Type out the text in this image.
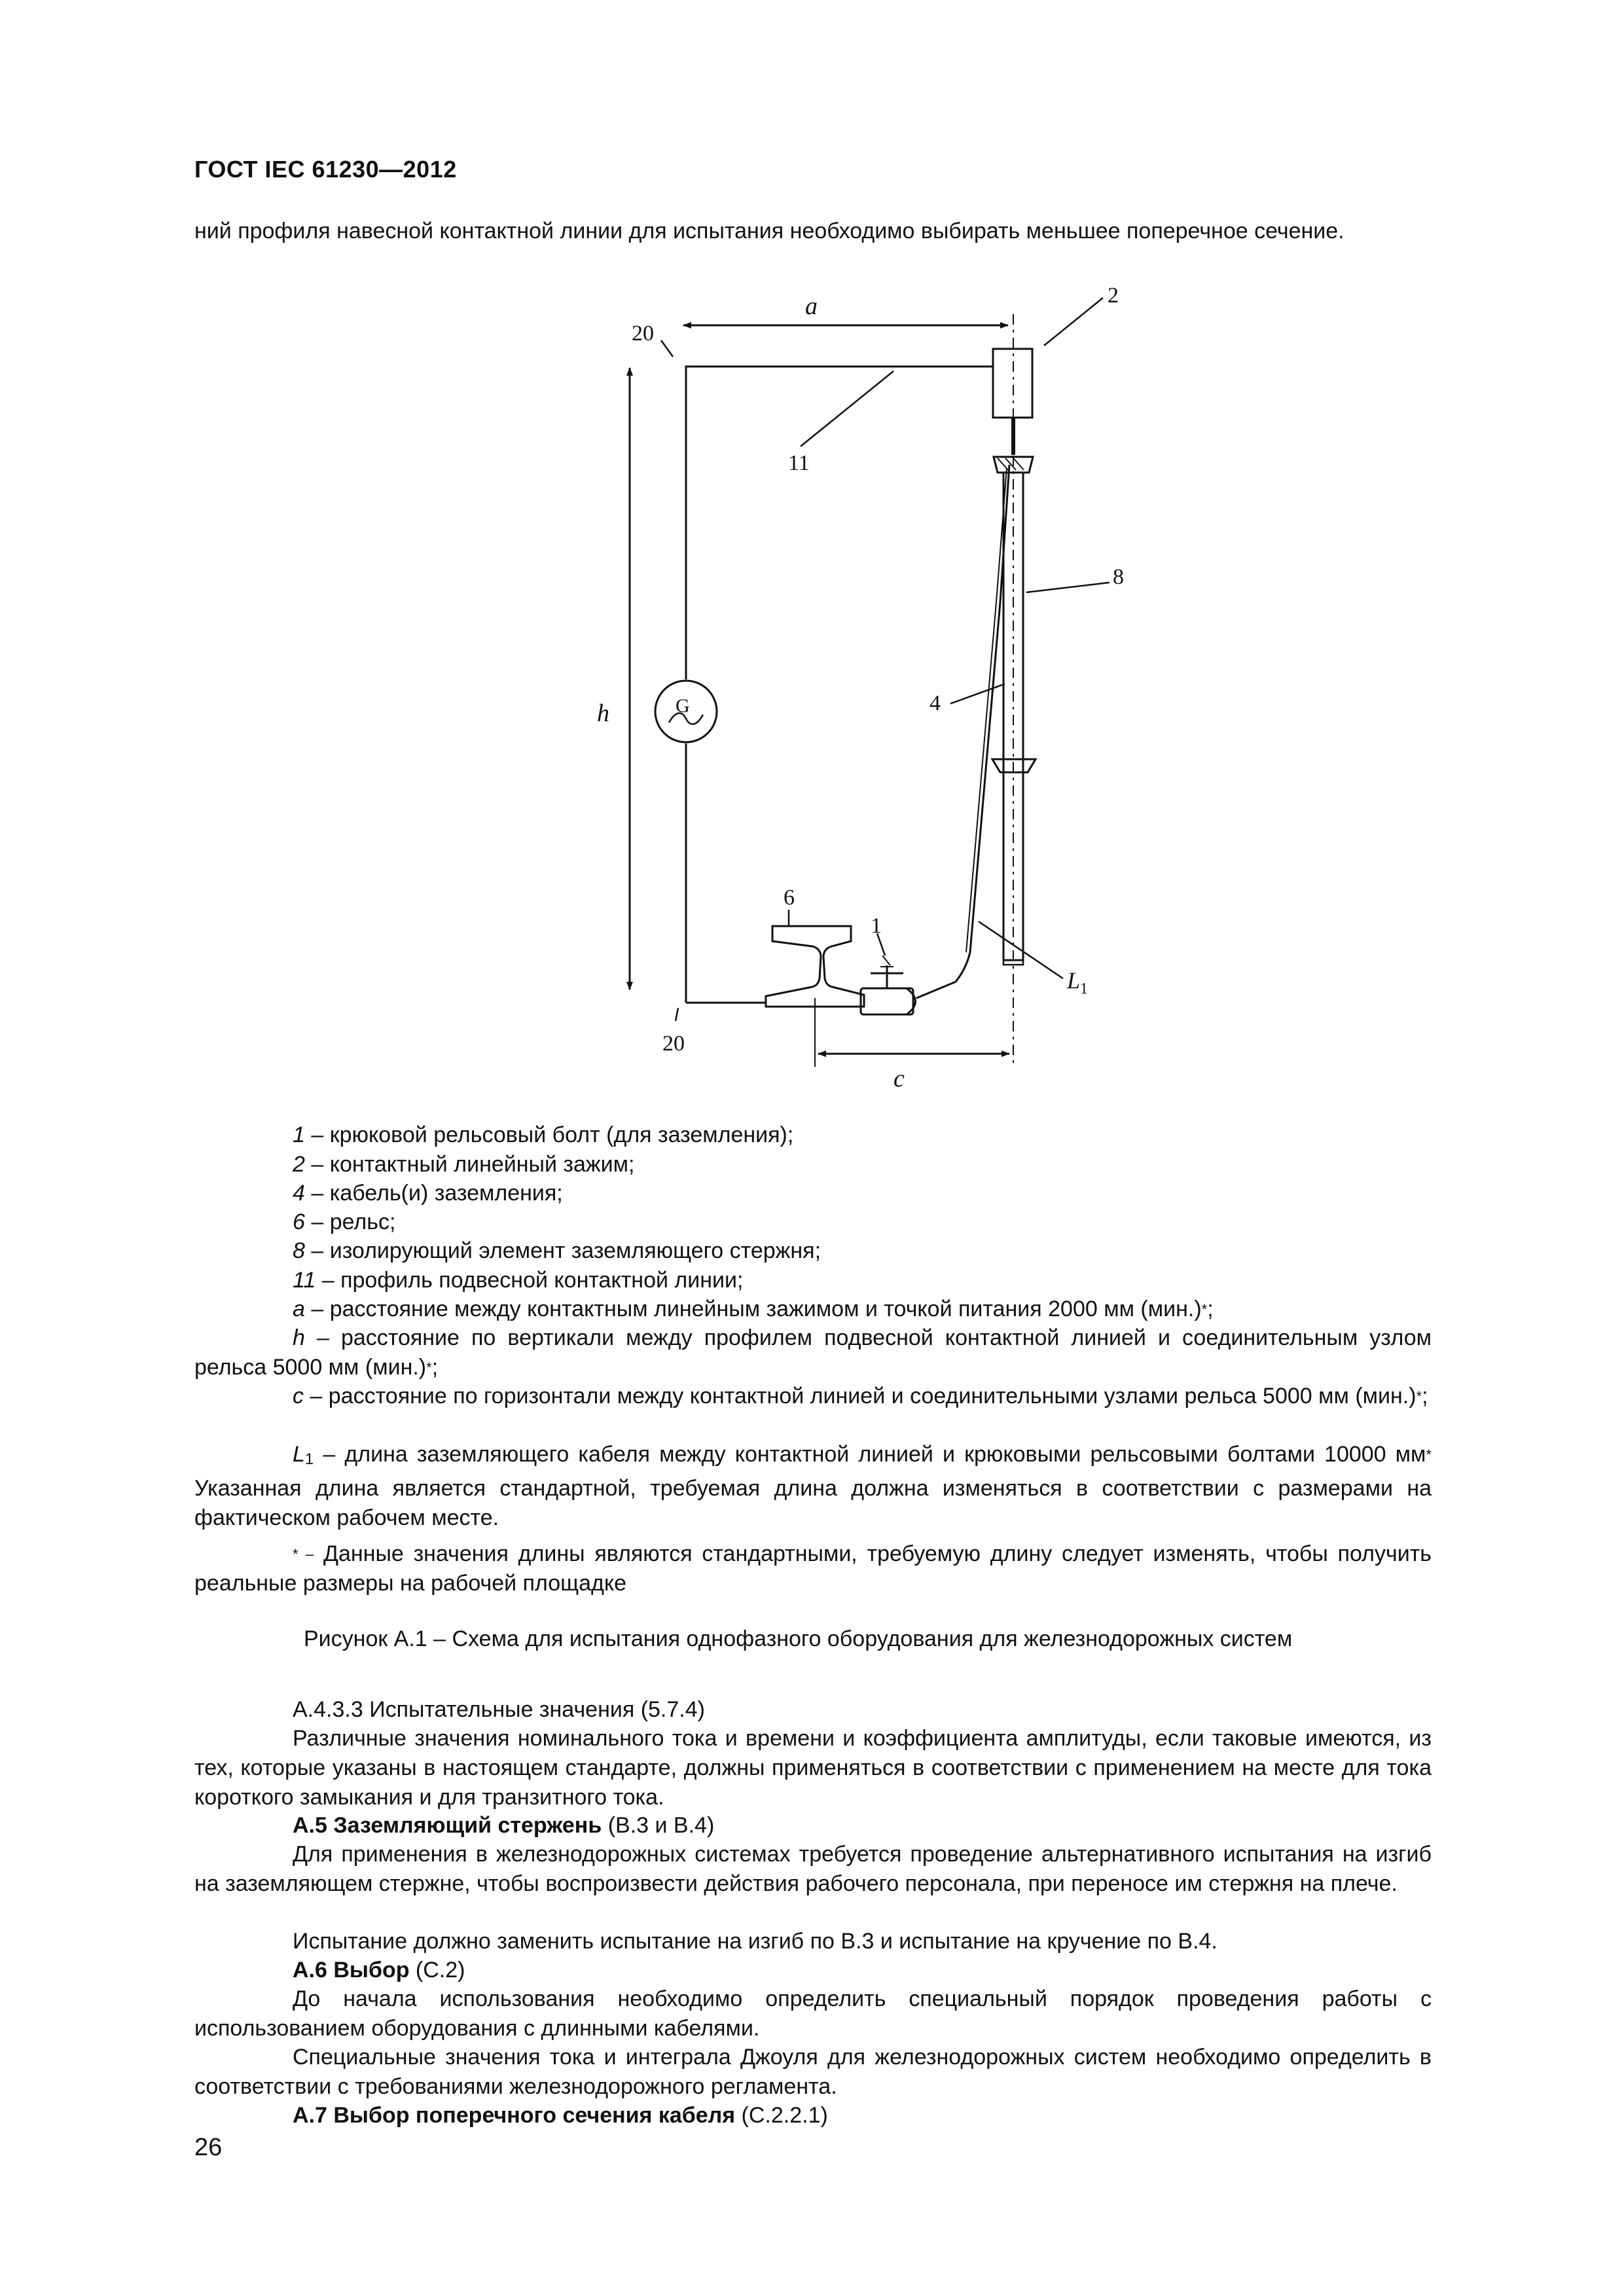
ГОСТ IEC 61230—2012
ний профиля навесной контактной линии для испытания необходимо выбирать меньшее поперечное сечение.
a
20
2
11
8
h	G	4
6
1
$L_1$
20
c
1 – крюковой рельсовый болт (для заземления);
2 – контактный линейный зажим;
4 – кабель(и) заземления;
6 – рельс;
8 – изолирующий элемент заземляющего стержня;
11 – профиль подвесной контактной линии;
a – расстояние между контактным линейным зажимом и точкой питания 2000 мм (мин.)*;
h – расстояние по вертикали между профилем подвесной контактной линией и соединительным узлом рельса 5000 мм (мин.)*;
c – расстояние по горизонтали между контактной линией и соединительными узлами рельса 5000 мм (мин.)*;
L1 – длина заземляющего кабеля между контактной линией и крюковыми рельсовыми болтами 10000 мм* Указанная длина является стандартной, требуемая длина должна изменяться в соответствии с размерами на фактическом рабочем месте.
* – Данные значения длины являются стандартными, требуемую длину следует изменять, чтобы получить реальные размеры на рабочей площадке
Рисунок А.1 – Схема для испытания однофазного оборудования для железнодорожных систем
А.4.3.3 Испытательные значения (5.7.4)
Различные значения номинального тока и времени и коэффициента амплитуды, если таковые имеются, из тех, которые указаны в настоящем стандарте, должны применяться в соответствии с применением на месте для тока короткого замыкания и для транзитного тока.
А.5 Заземляющий стержень (В.3 и В.4)
Для применения в железнодорожных системах требуется проведение альтернативного испытания на изгиб на заземляющем стержне, чтобы воспроизвести действия рабочего персонала, при переносе им стержня на плече.
Испытание должно заменить испытание на изгиб по В.3 и испытание на кручение по В.4.
А.6 Выбор (С.2)
До начала использования необходимо определить специальный порядок проведения работы с использованием оборудования с длинными кабелями.
Специальные значения тока и интеграла Джоуля для железнодорожных систем необходимо определить в соответствии с требованиями железнодорожного регламента.
А.7 Выбор поперечного сечения кабеля (С.2.2.1)
26
